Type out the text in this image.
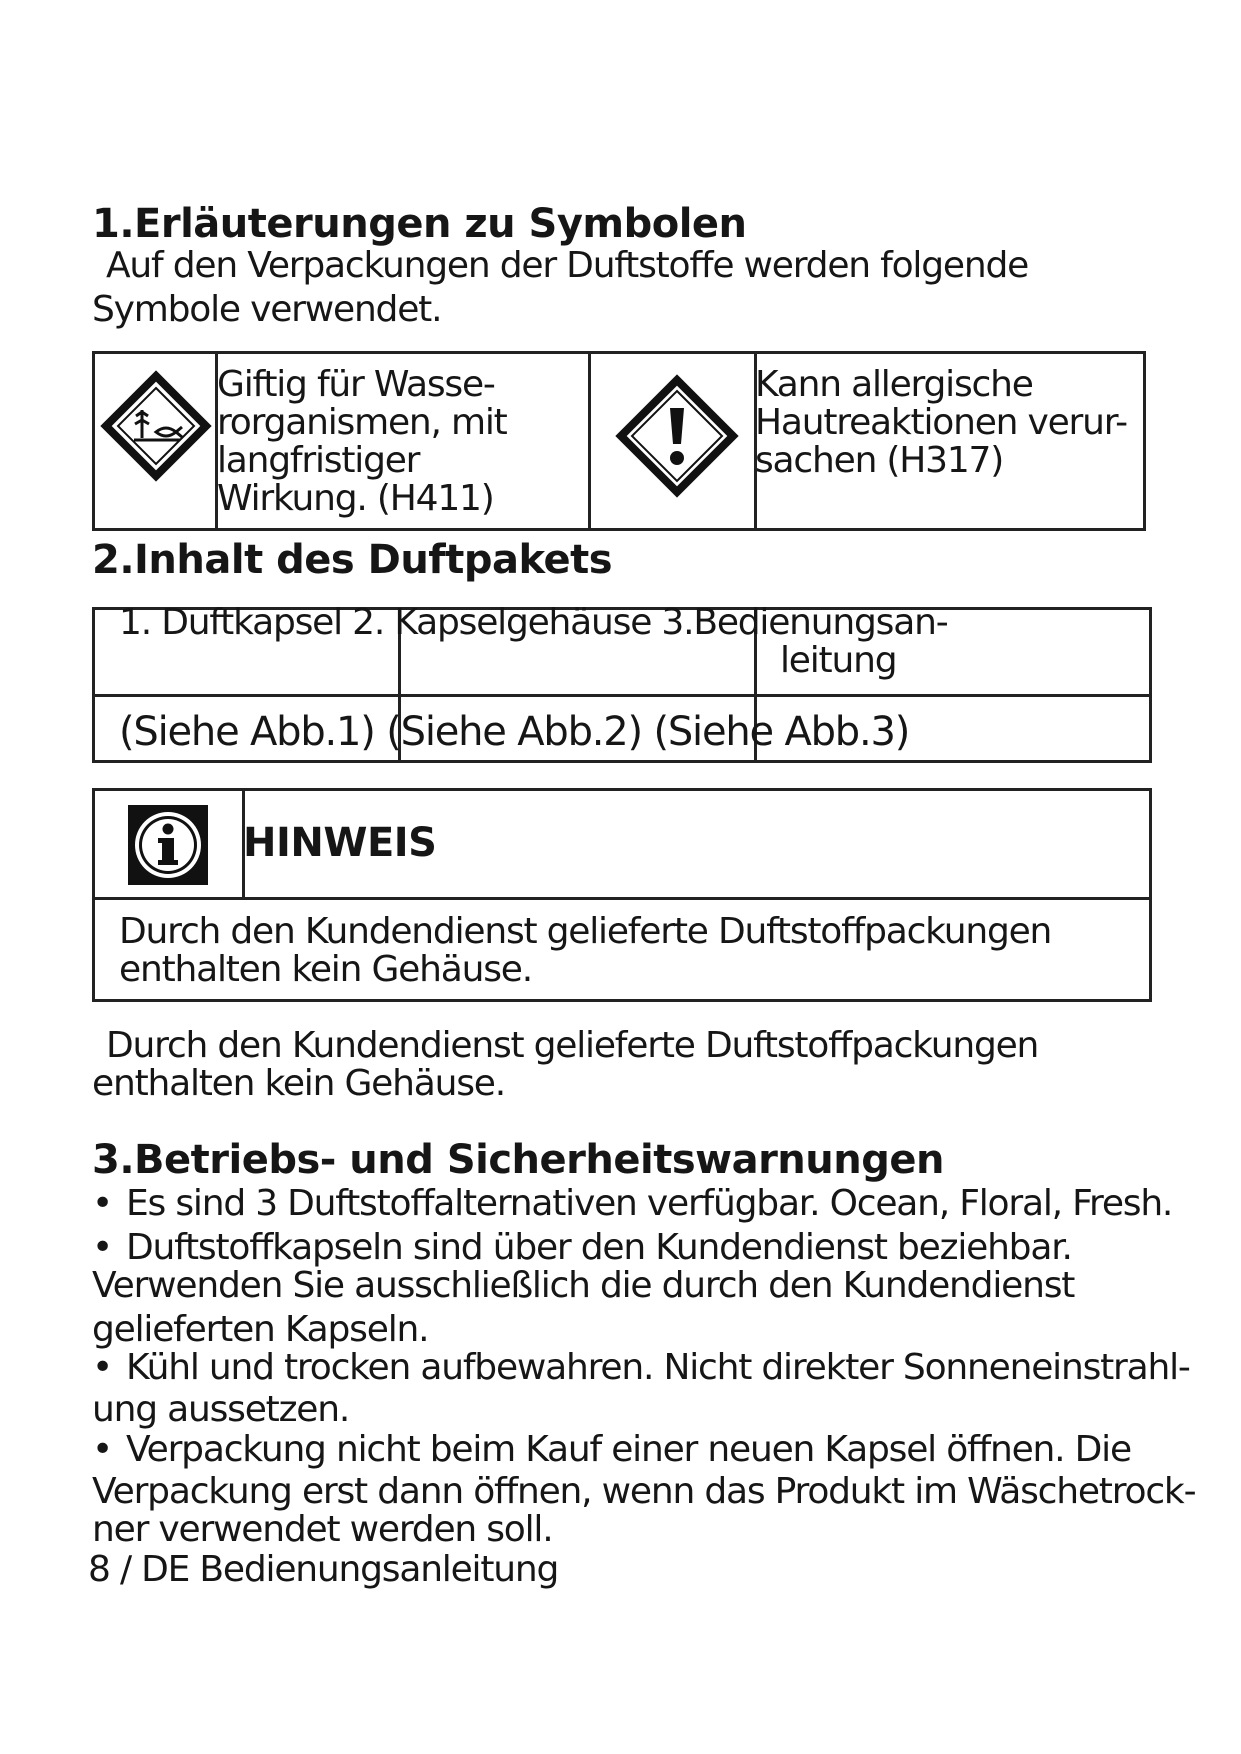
1.Erläuterungen zu Symbolen
Auf den Verpackungen der Duftstoffe werden folgende
Symbole verwendet.
Giftig für Wasse-
rorganismen, mit
langfristiger
Wirkung. (H411)
Kann allergische
Hautreaktionen verur-
sachen (H317)
2.Inhalt des Duftpakets
1. Duftkapsel 2. Kapselgehäuse 3.Bedienungsan-
leitung
(Siehe Abb.1) (Siehe Abb.2) (Siehe Abb.3)
HINWEIS
Durch den Kundendienst gelieferte Duftstoffpackungen
enthalten kein Gehäuse.
Durch den Kundendienst gelieferte Duftstoffpackungen
enthalten kein Gehäuse.
3.Betriebs- und Sicherheitswarnungen
• Es sind 3 Duftstoffalternativen verfügbar. Ocean, Floral, Fresh.
• Duftstoffkapseln sind über den Kundendienst beziehbar.
Verwenden Sie ausschließlich die durch den Kundendienst
gelieferten Kapseln.
• Kühl und trocken aufbewahren. Nicht direkter Sonneneinstrahl-
ung aussetzen.
• Verpackung nicht beim Kauf einer neuen Kapsel öffnen. Die
Verpackung erst dann öffnen, wenn das Produkt im Wäschetrock-
ner verwendet werden soll.
8 / DE Bedienungsanleitung
